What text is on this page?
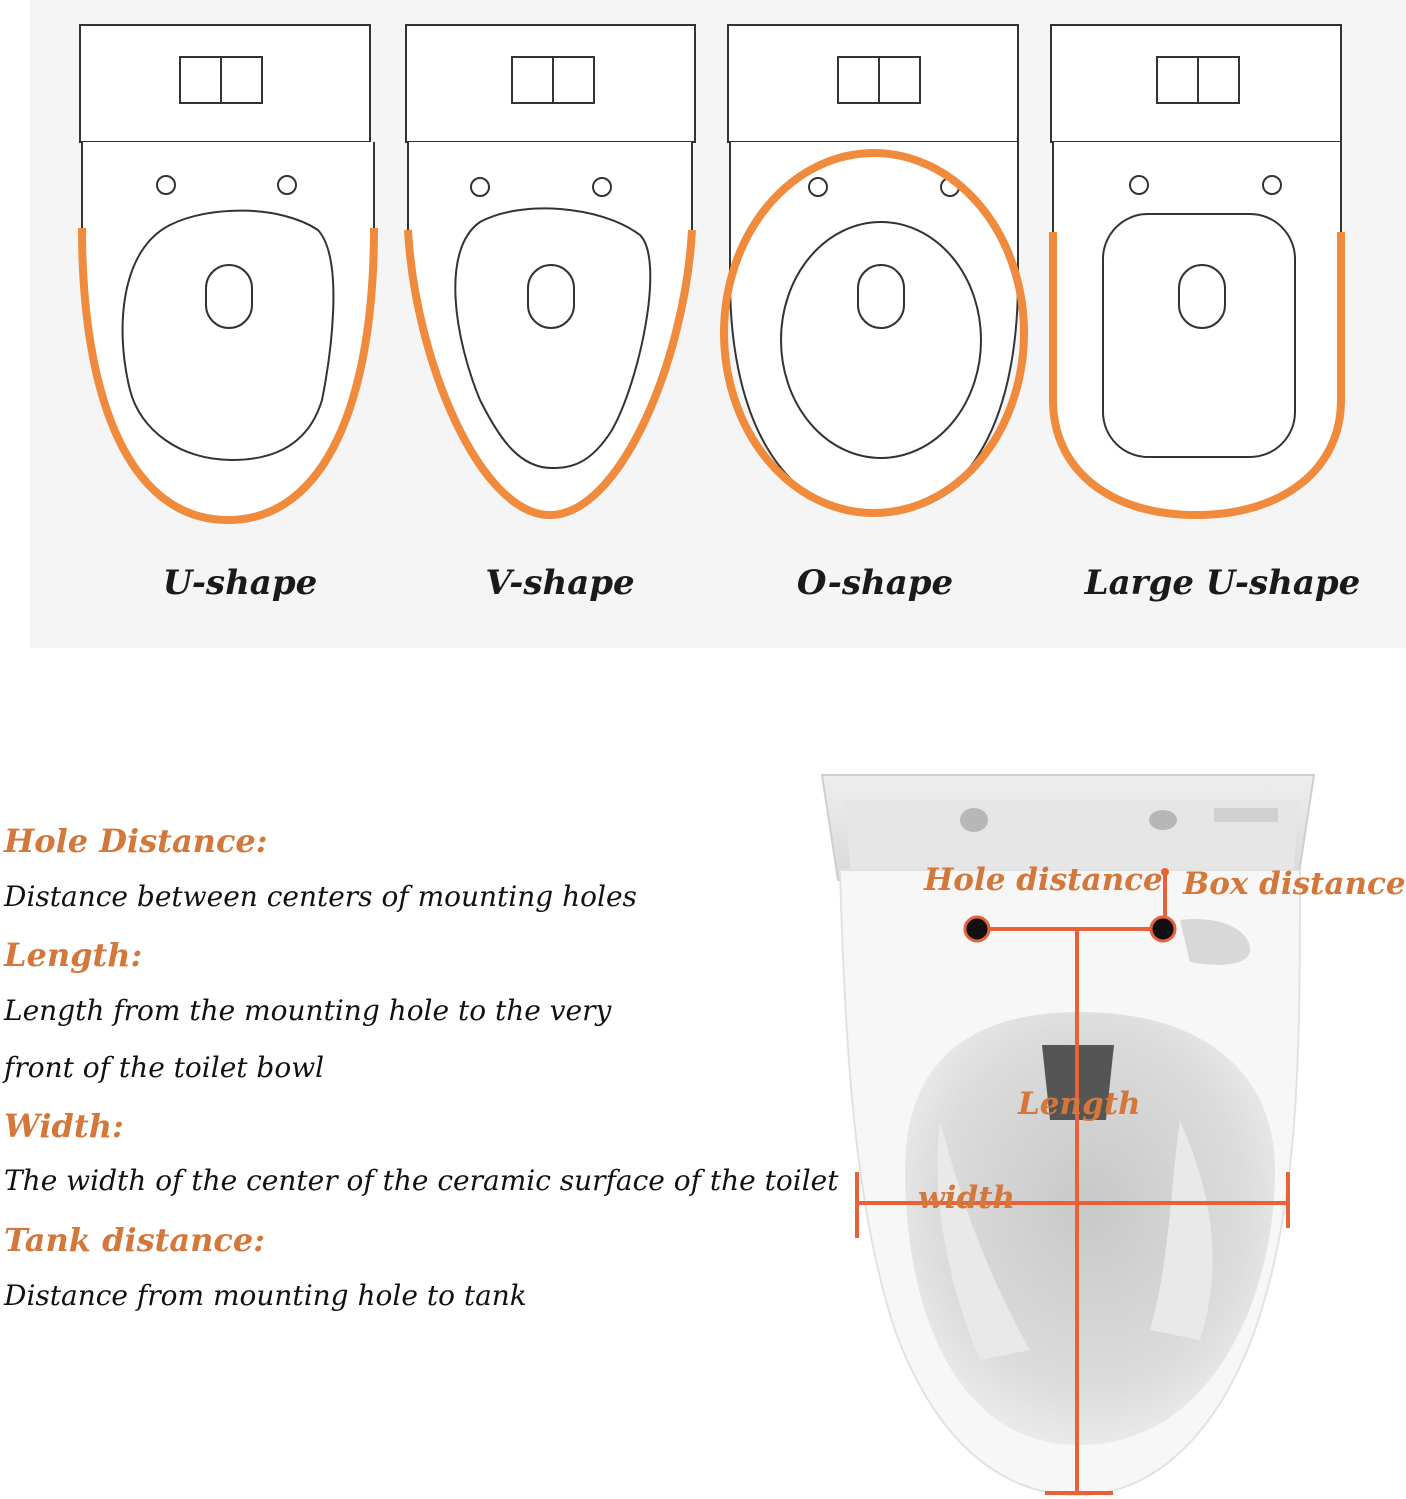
U-shape	V-shape	O-shape	Large U-shape
Hole Distance:
Distance between centers of mounting holes
Length:
Length from the mounting hole to the very
front of the toilet bowl
Width:
The width of the center of the ceramic surface of the toilet
Tank distance:
Distance from mounting hole to tank
Hole distance Box distance
Length
width
